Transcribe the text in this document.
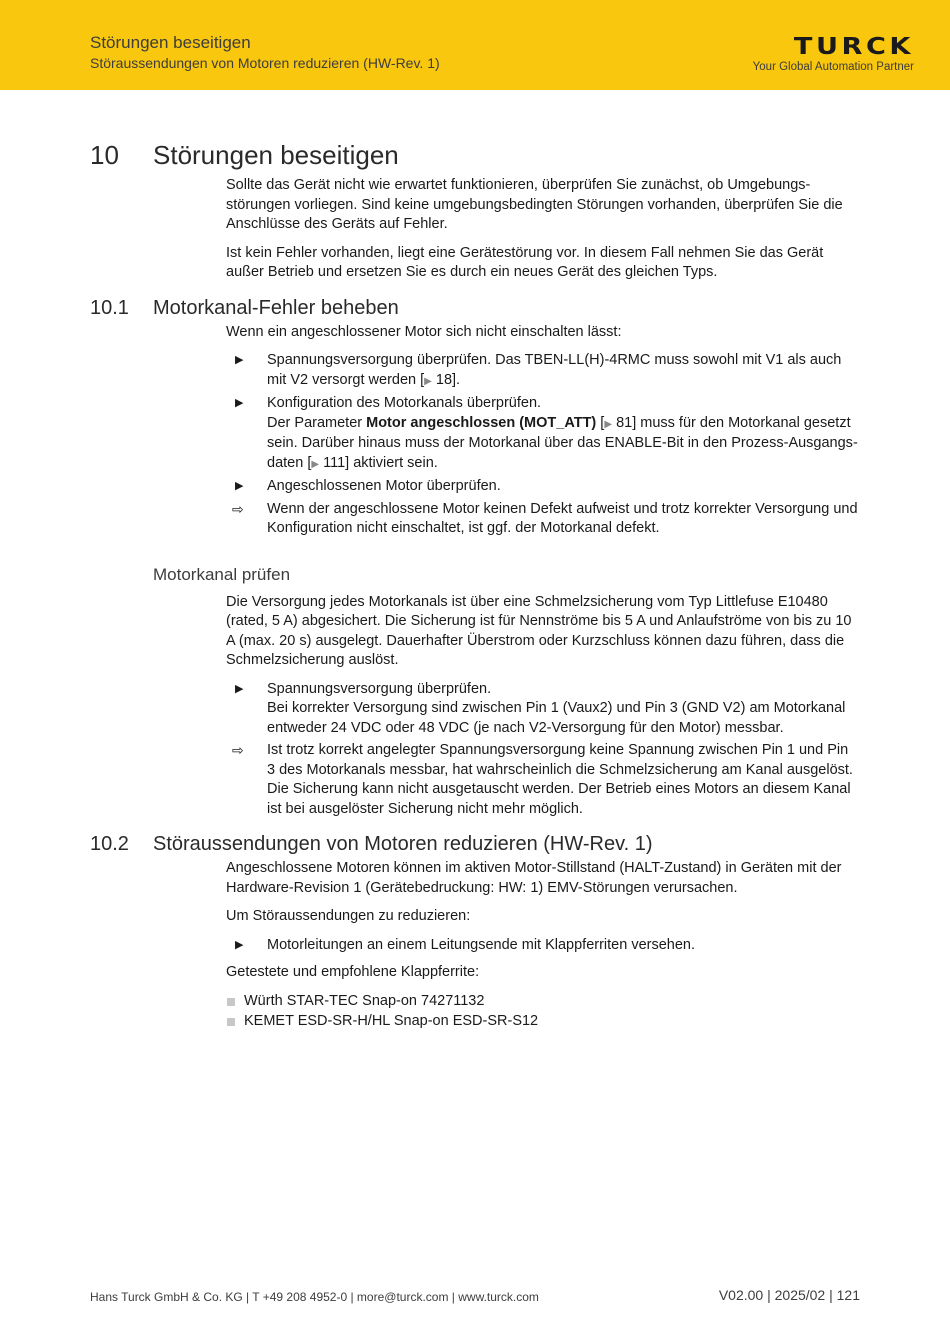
Störungen beseitigen
Störaussendungen von Motoren reduzieren (HW-Rev. 1)
TURCK
Your Global Automation Partner
10 Störungen beseitigen

Sollte das Gerät nicht wie erwartet funktionieren, überprüfen Sie zunächst, ob Umgebungsstörungen vorliegen. Sind keine umgebungsbedingten Störungen vorhanden, überprüfen Sie die Anschlüsse des Geräts auf Fehler.

Ist kein Fehler vorhanden, liegt eine Gerätestörung vor. In diesem Fall nehmen Sie das Gerät außer Betrieb und ersetzen Sie es durch ein neues Gerät des gleichen Typs.

10.1 Motorkanal-Fehler beheben

Wenn ein angeschlossener Motor sich nicht einschalten lässt:

▶ Spannungsversorgung überprüfen. Das TBEN-LL(H)-4RMC muss sowohl mit V1 als auch mit V2 versorgt werden [▶ 18].
▶ Konfiguration des Motorkanals überprüfen.
Der Parameter Motor angeschlossen (MOT_ATT) [▶ 81] muss für den Motorkanal gesetzt sein. Darüber hinaus muss der Motorkanal über das ENABLE-Bit in den Prozess-Ausgangsdaten [▶ 111] aktiviert sein.
▶ Angeschlossenen Motor überprüfen.
⇨ Wenn der angeschlossene Motor keinen Defekt aufweist und trotz korrekter Versorgung und Konfiguration nicht einschaltet, ist ggf. der Motorkanal defekt.
Motorkanal prüfen

Die Versorgung jedes Motorkanals ist über eine Schmelzsicherung vom Typ Littlefuse E10480 (rated, 5 A) abgesichert. Die Sicherung ist für Nennströme bis 5 A und Anlaufströme von bis zu 10 A (max. 20 s) ausgelegt. Dauerhafter Überstrom oder Kurzschluss können dazu führen, dass die Schmelzsicherung auslöst.

▶ Spannungsversorgung überprüfen.
Bei korrekter Versorgung sind zwischen Pin 1 (Vaux2) und Pin 3 (GND V2) am Motorkanal entweder 24 VDC oder 48 VDC (je nach V2-Versorgung für den Motor) messbar.
⇨ Ist trotz korrekt angelegter Spannungsversorgung keine Spannung zwischen Pin 1 und Pin 3 des Motorkanals messbar, hat wahrscheinlich die Schmelzsicherung am Kanal ausgelöst. Die Sicherung kann nicht ausgetauscht werden. Der Betrieb eines Motors an diesem Kanal ist bei ausgelöster Sicherung nicht mehr möglich.
10.2 Störaussendungen von Motoren reduzieren (HW-Rev. 1)

Angeschlossene Motoren können im aktiven Motor-Stillstand (HALT-Zustand) in Geräten mit der Hardware-Revision 1 (Gerätebedruckung: HW: 1) EMV-Störungen verursachen.

Um Störaussendungen zu reduzieren:

▶ Motorleitungen an einem Leitungsende mit Klappferriten versehen.

Getestete und empfohlene Klappferrite:

Würth STAR-TEC Snap-on 74271132
KEMET ESD-SR-H/HL Snap-on ESD-SR-S12
Hans Turck GmbH & Co. KG | T +49 208 4952-0 | more@turck.com | www.turck.com	V02.00 | 2025/02 | 121
